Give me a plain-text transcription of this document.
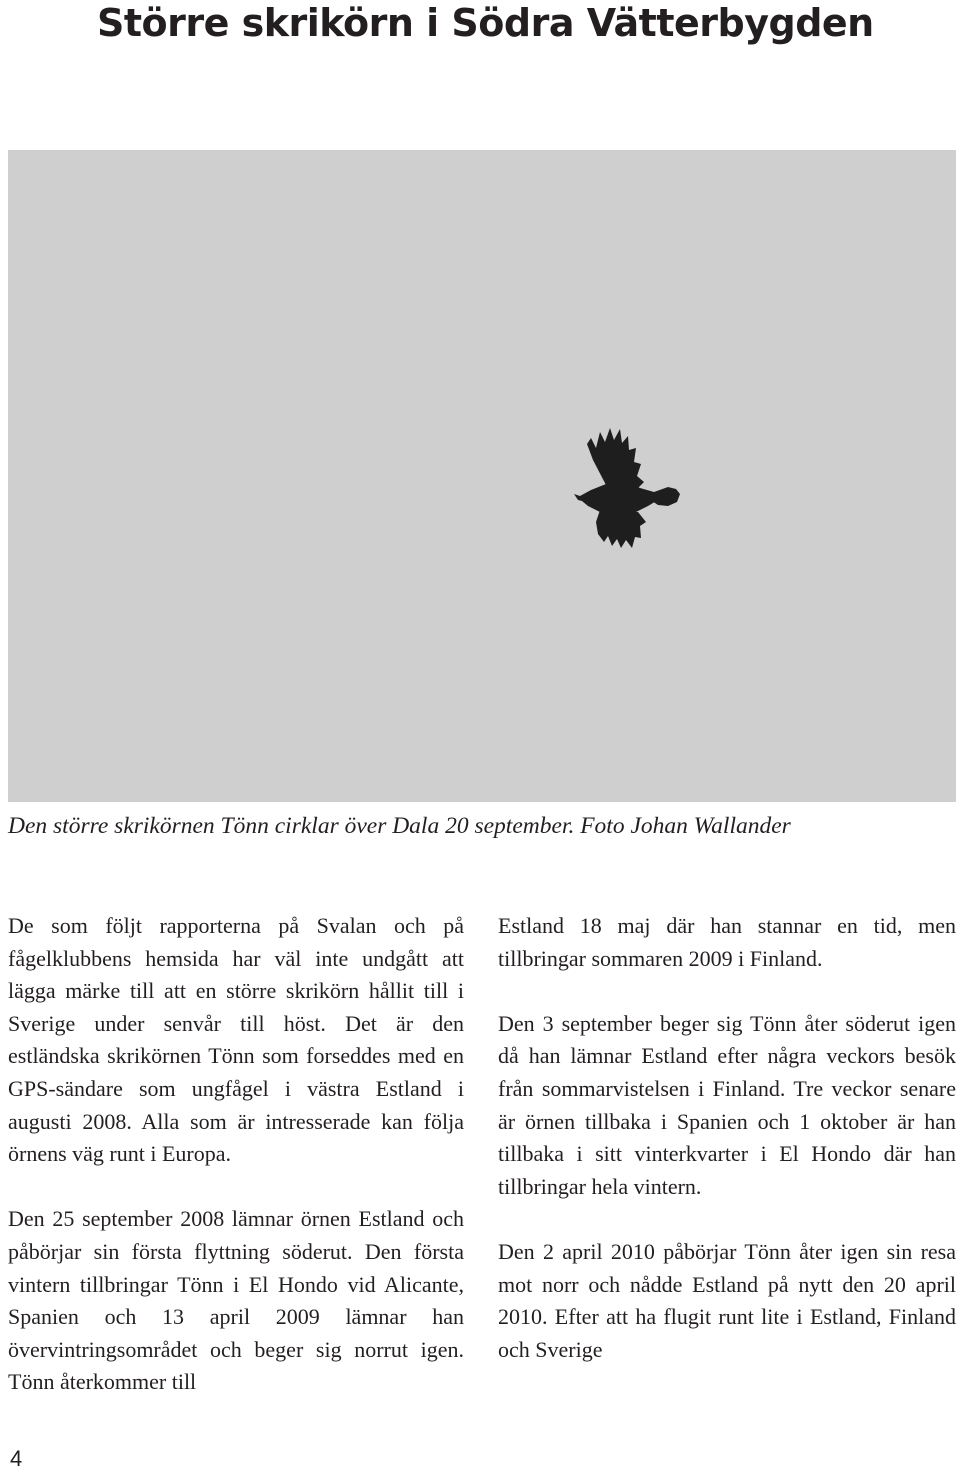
Större skrikörn i Södra Vätterbygden

Den större skrikörnen Tönn cirklar över Dala 20 september. Foto Johan Wallander

De som följt rapporterna på Svalan och på fågelklubbens hemsida har väl inte undgått att lägga märke till att en större skrikörn hållit till i Sverige under senvår till höst. Det är den estländska skrikörnen Tönn som forseddes med en GPS-sändare som ungfågel i västra Estland i augusti 2008. Alla som är intresserade kan följa örnens väg runt i Europa.

Den 25 september 2008 lämnar örnen Estland och påbörjar sin första flyttning söderut. Den första vintern tillbringar Tönn i El Hondo vid Alicante, Spanien och 13 april 2009 lämnar han övervintringsområdet och beger sig norrut igen. Tönn återkommer till

Estland 18 maj där han stannar en tid, men tillbringar sommaren 2009 i Finland.

Den 3 september beger sig Tönn åter söderut igen då han lämnar Estland efter några veckors besök från sommarvistelsen i Finland. Tre veckor senare är örnen tillbaka i Spanien och 1 oktober är han tillbaka i sitt vinterkvarter i El Hondo där han tillbringar hela vintern.

Den 2 april 2010 påbörjar Tönn åter igen sin resa mot norr och nådde Estland på nytt den 20 april 2010. Efter att ha flugit runt lite i Estland, Finland och Sverige

4
